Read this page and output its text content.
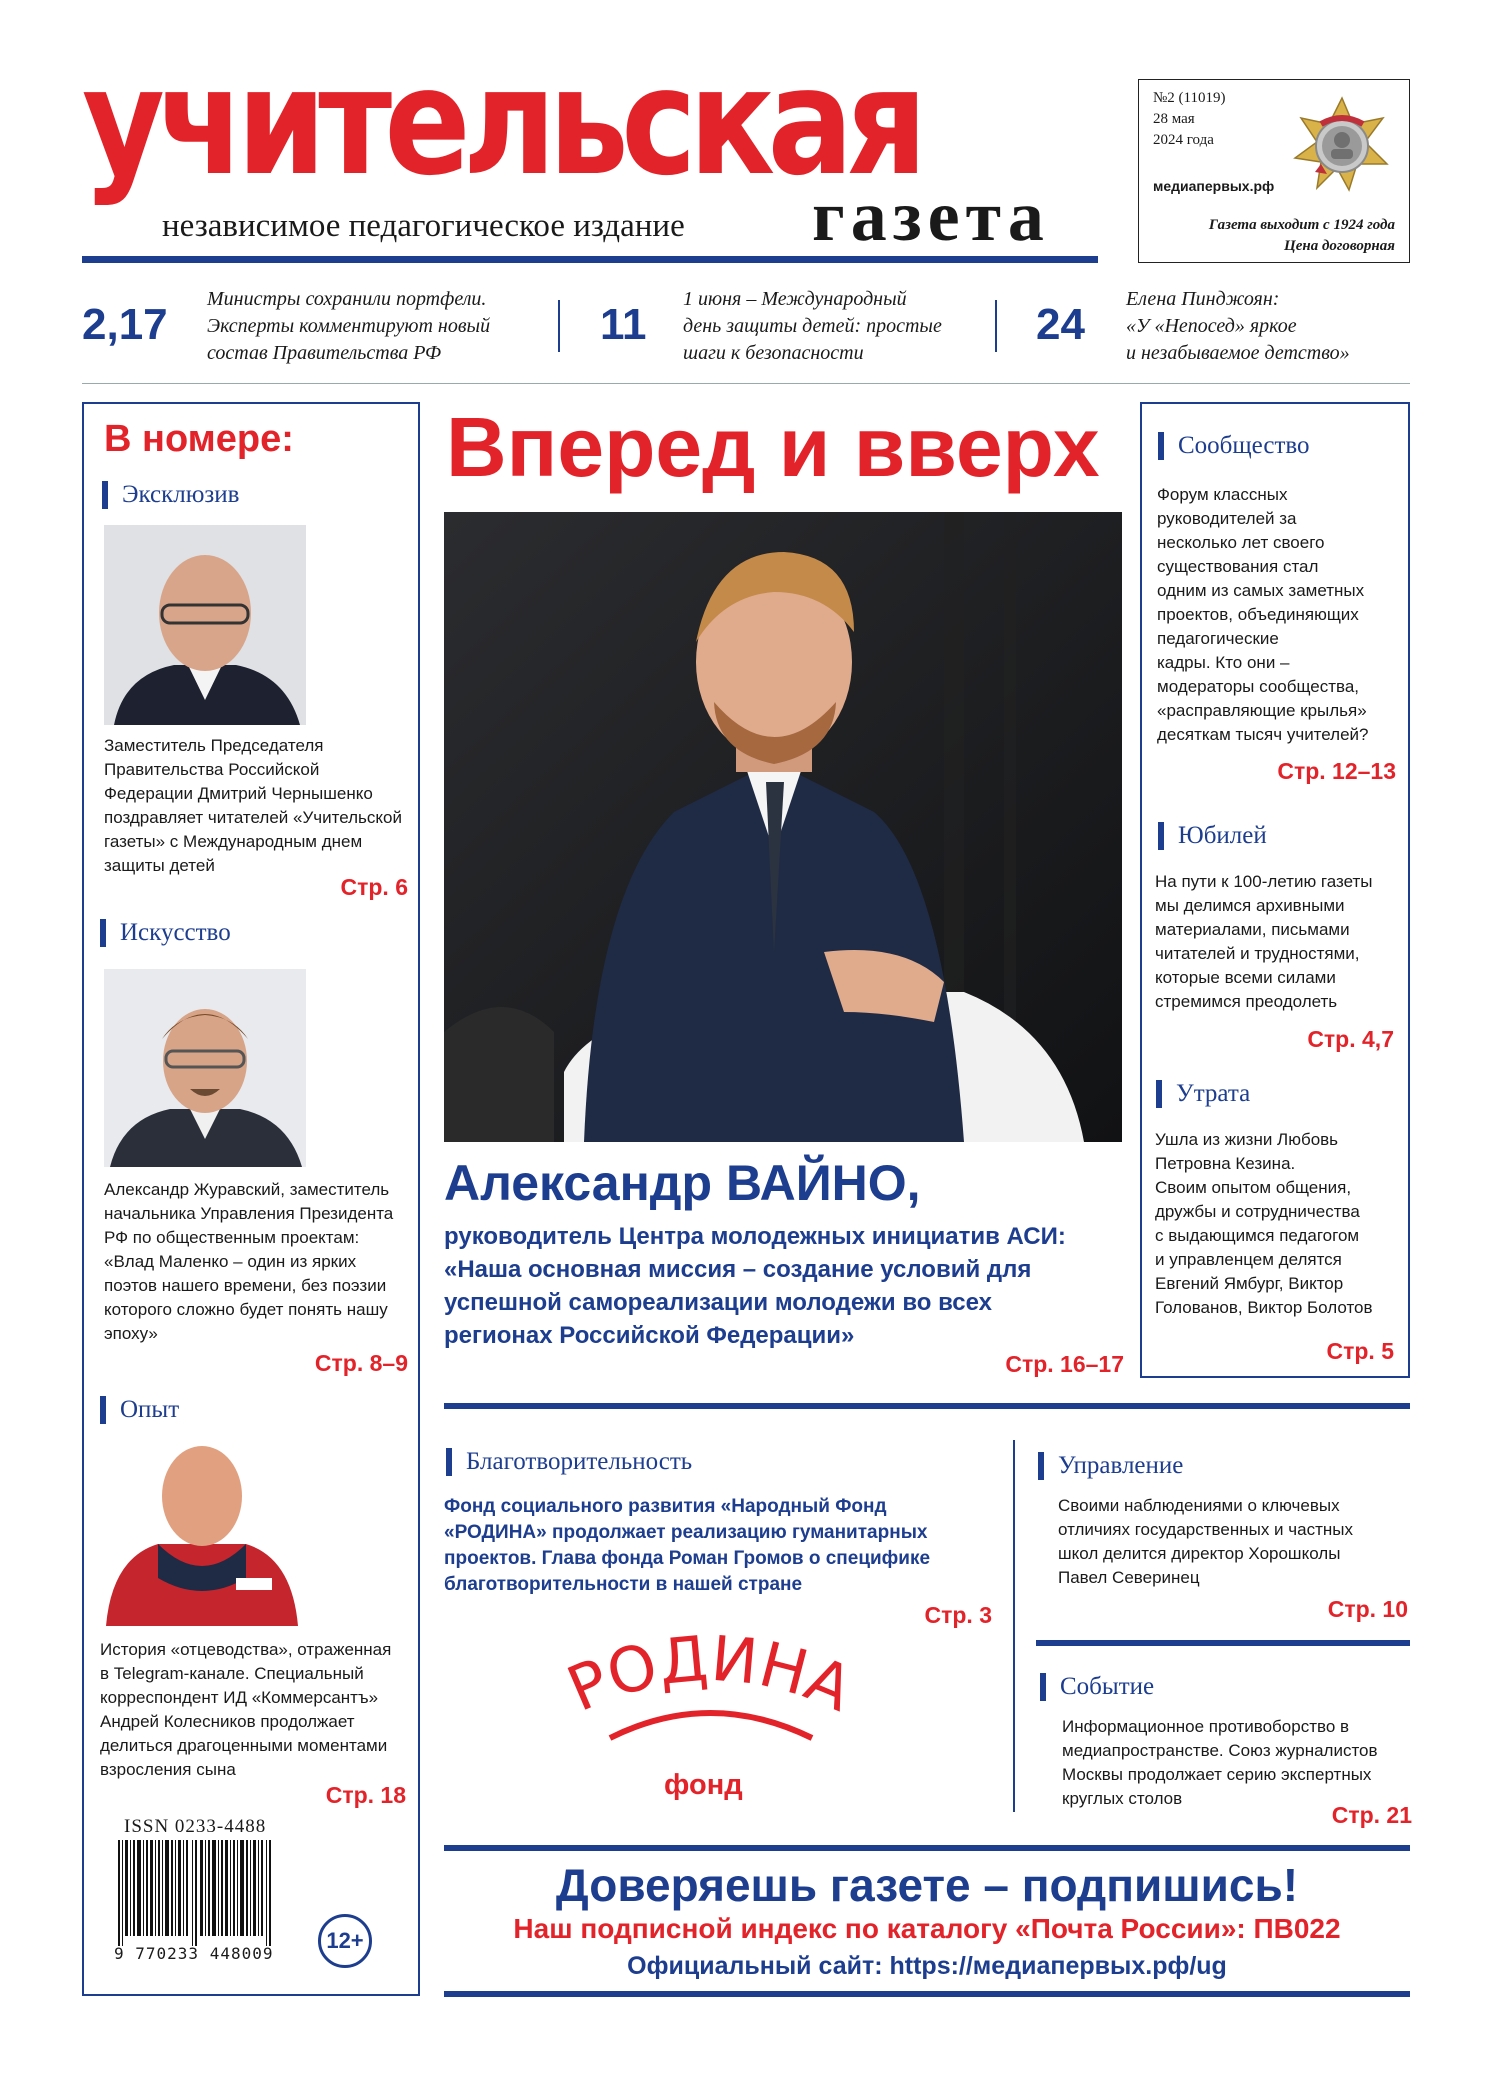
учительская
независимое педагогическое издание газета
№2 (11019)
28 мая
2024 года
медиапервых.рф
Газета выходит с 1924 года
Цена договорная
2,17
Министры сохранили портфели.
Эксперты комментируют новый
состав Правительства РФ
11
1 июня – Международный
день защиты детей: простые
шаги к безопасности
24
Елена Пинджоян:
«У «Непосед» яркое
и незабываемое детство»
В номере:
Эксклюзив
Заместитель Председателя
Правительства Российской
Федерации Дмитрий Чернышенко
поздравляет читателей «Учительской
газеты» с Международным днем
защиты детей
Стр. 6
Искусство
Александр Журавский, заместитель
начальника Управления Президента
РФ по общественным проектам:
«Влад Маленко – один из ярких
поэтов нашего времени, без поэзии
которого сложно будет понять нашу
эпоху»
Стр. 8–9
Опыт
История «отцеводства», отраженная
в Telegram-канале. Специальный
корреспондент ИД «Коммерсантъ»
Андрей Колесников продолжает
делиться драгоценными моментами
взросления сына
Стр. 18
ISSN 0233-4488
9 770233 448009
12+
Вперед и вверх
Александр ВАЙНО,
руководитель Центра молодежных инициатив АСИ:
«Наша основная миссия – создание условий для
успешной самореализации молодежи во всех
регионах Российской Федерации»
Стр. 16–17
Сообщество
Форум классных
руководителей за
несколько лет своего
существования стал
одним из самых заметных
проектов, объединяющих
педагогические
кадры. Кто они –
модераторы сообщества,
«расправляющие крылья»
десяткам тысяч учителей?
Стр. 12–13
Юбилей
На пути к 100-летию газеты
мы делимся архивными
материалами, письмами
читателей и трудностями,
которые всеми силами
стремимся преодолеть
Стр. 4,7
Утрата
Ушла из жизни Любовь
Петровна Кезина.
Своим опытом общения,
дружбы и сотрудничества
с выдающимся педагогом
и управленцем делятся
Евгений Ямбург, Виктор
Голованов, Виктор Болотов
Стр. 5
Благотворительность
Фонд социального развития «Народный Фонд
«РОДИНА» продолжает реализацию гуманитарных
проектов. Глава фонда Роман Громов о специфике
благотворительности в нашей стране
Стр. 3
РОДИНА
фонд
Управление
Своими наблюдениями о ключевых
отличиях государственных и частных
школ делится директор Хорошколы
Павел Северинец
Стр. 10
Событие
Информационное противоборство в
медиапространстве. Союз журналистов
Москвы продолжает серию экспертных
круглых столов
Стр. 21
Доверяешь газете – подпишись!
Наш подписной индекс по каталогу «Почта России»: ПВ022
Официальный сайт: https://медиапервых.рф/ug
